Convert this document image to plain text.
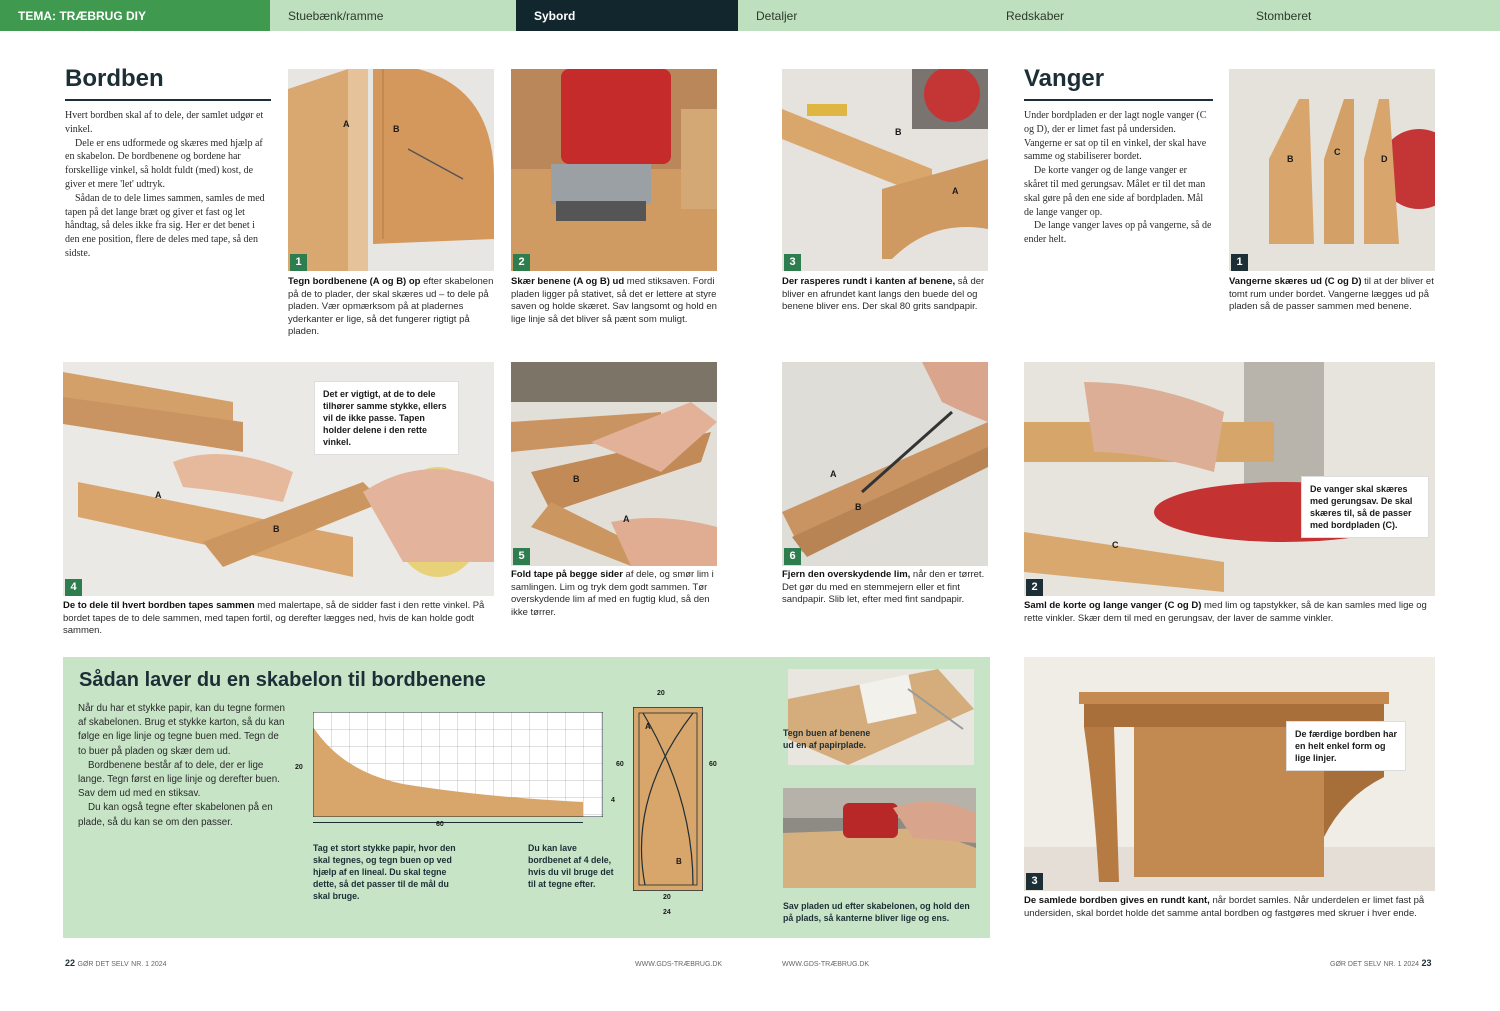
TEMA: TRÆBRUG DIY	Stuebænk/ramme	Sybord	Detaljer	Redskaber	Stomberet
Bordben

Hvert bordben skal af to dele, der samlet udgør et vinkel.

Dele er ens udformede og skæres med hjælp af en skabelon. De bordbenene og bordene har forskellige vinkel, så holdt fuldt (med) kost, de giver et mere 'let' udtryk.

Sådan de to dele limes sammen, samles de med tapen på det lange bræt og giver et fast og let håndtag, så deles ikke fra sig. Her er det benet i den ene position, flere de deles med tape, så den sidste.

A	B
1
Tegn bordbenene (A og B) op efter skabelonen på de to plader, der skal skæres ud – to dele på pladen. Vær opmærksom på at pladernes yderkanter er lige, så det fungerer rigtigt på pladen.
2
Skær benene (A og B) ud med stiksaven. Fordi pladen ligger på stativet, så det er lettere at styre saven og holde skæret. Sav langsomt og hold en lige linje så det bliver så pænt som muligt.
A
B
Det er vigtigt, at de to dele tilhører samme stykke, ellers vil de ikke passe. Tapen holder delene i den rette vinkel.
4
De to dele til hvert bordben tapes sammen med malertape, så de sidder fast i den rette vinkel. På bordet tapes de to dele sammen, med tapen fortil, og derefter lægges ned, hvis de kan holde godt sammen.
B
A
5
Fold tape på begge sider af dele, og smør lim i samlingen. Lim og tryk dem godt sammen. Tør overskydende lim af med en fugtig klud, så den ikke tørrer.
Sådan laver du en skabelon til bordbenene

Når du har et stykke papir, kan du tegne formen af skabelonen. Brug et stykke karton, så du kan følge en lige linje og tegne buen med. Tegn de to buer på pladen og skær dem ud.

Bordbenene består af to dele, der er lige lange. Tegn først en lige linje og derefter buen. Sav dem ud med en stiksav.

Du kan også tegne efter skabelonen på en plade, så du kan se om den passer.

20
60
4
20
60	60
20
24
A
B
Tag et stort stykke papir, hvor den skal tegnes, og tegn buen op ved hjælp af en lineal. Du skal tegne dette, så det passer til de mål du skal bruge.
Du kan lave bordbenet af 4 dele, hvis du vil bruge det til at tegne efter.
Tegn buen af benene ud en af papirplade.
Sav pladen ud efter skabelonen, og hold den på plads, så kanterne bliver lige og ens.
22 GØR DET SELV NR. 1 2024	WWW.GDS-TRÆBRUG.DK
B
A
3
Der rasperes rundt i kanten af benene, så der bliver en afrundet kant langs den buede del og benene bliver ens. Der skal 80 grits sandpapir.
A
B
6
Fjern den overskydende lim, når den er tørret. Det gør du med en stemmejern eller et fint sandpapir. Slib let, efter med fint sandpapir.
Vanger

Under bordpladen er der lagt nogle vanger (C og D), der er limet fast på undersiden. Vangerne er sat op til en vinkel, der skal have samme og stabiliserer bordet.

De korte vanger og de lange vanger er skåret til med gerungsav. Målet er til det man skal gøre på den ene side af bordpladen. Mål de lange vanger op.

De lange vanger laves op på vangerne, så de ender helt.

B
C
D
1
Vangerne skæres ud (C og D) til at der bliver et tomt rum under bordet. Vangerne lægges ud på pladen så de passer sammen med benene.
C
De vanger skal skæres med gerungsav. De skal skæres til, så de passer med bordpladen (C).
2
Saml de korte og lange vanger (C og D) med lim og tapstykker, så de kan samles med lige og rette vinkler. Skær dem til med en gerungsav, der laver de samme vinkler.
De færdige bordben har en helt enkel form og lige linjer.
3
De samlede bordben gives en rundt kant, når bordet samles. Når underdelen er limet fast på undersiden, skal bordet holde det samme antal bordben og fastgøres med skruer i hver ende.
WWW.GDS-TRÆBRUG.DK	GØR DET SELV NR. 1 2024 23
